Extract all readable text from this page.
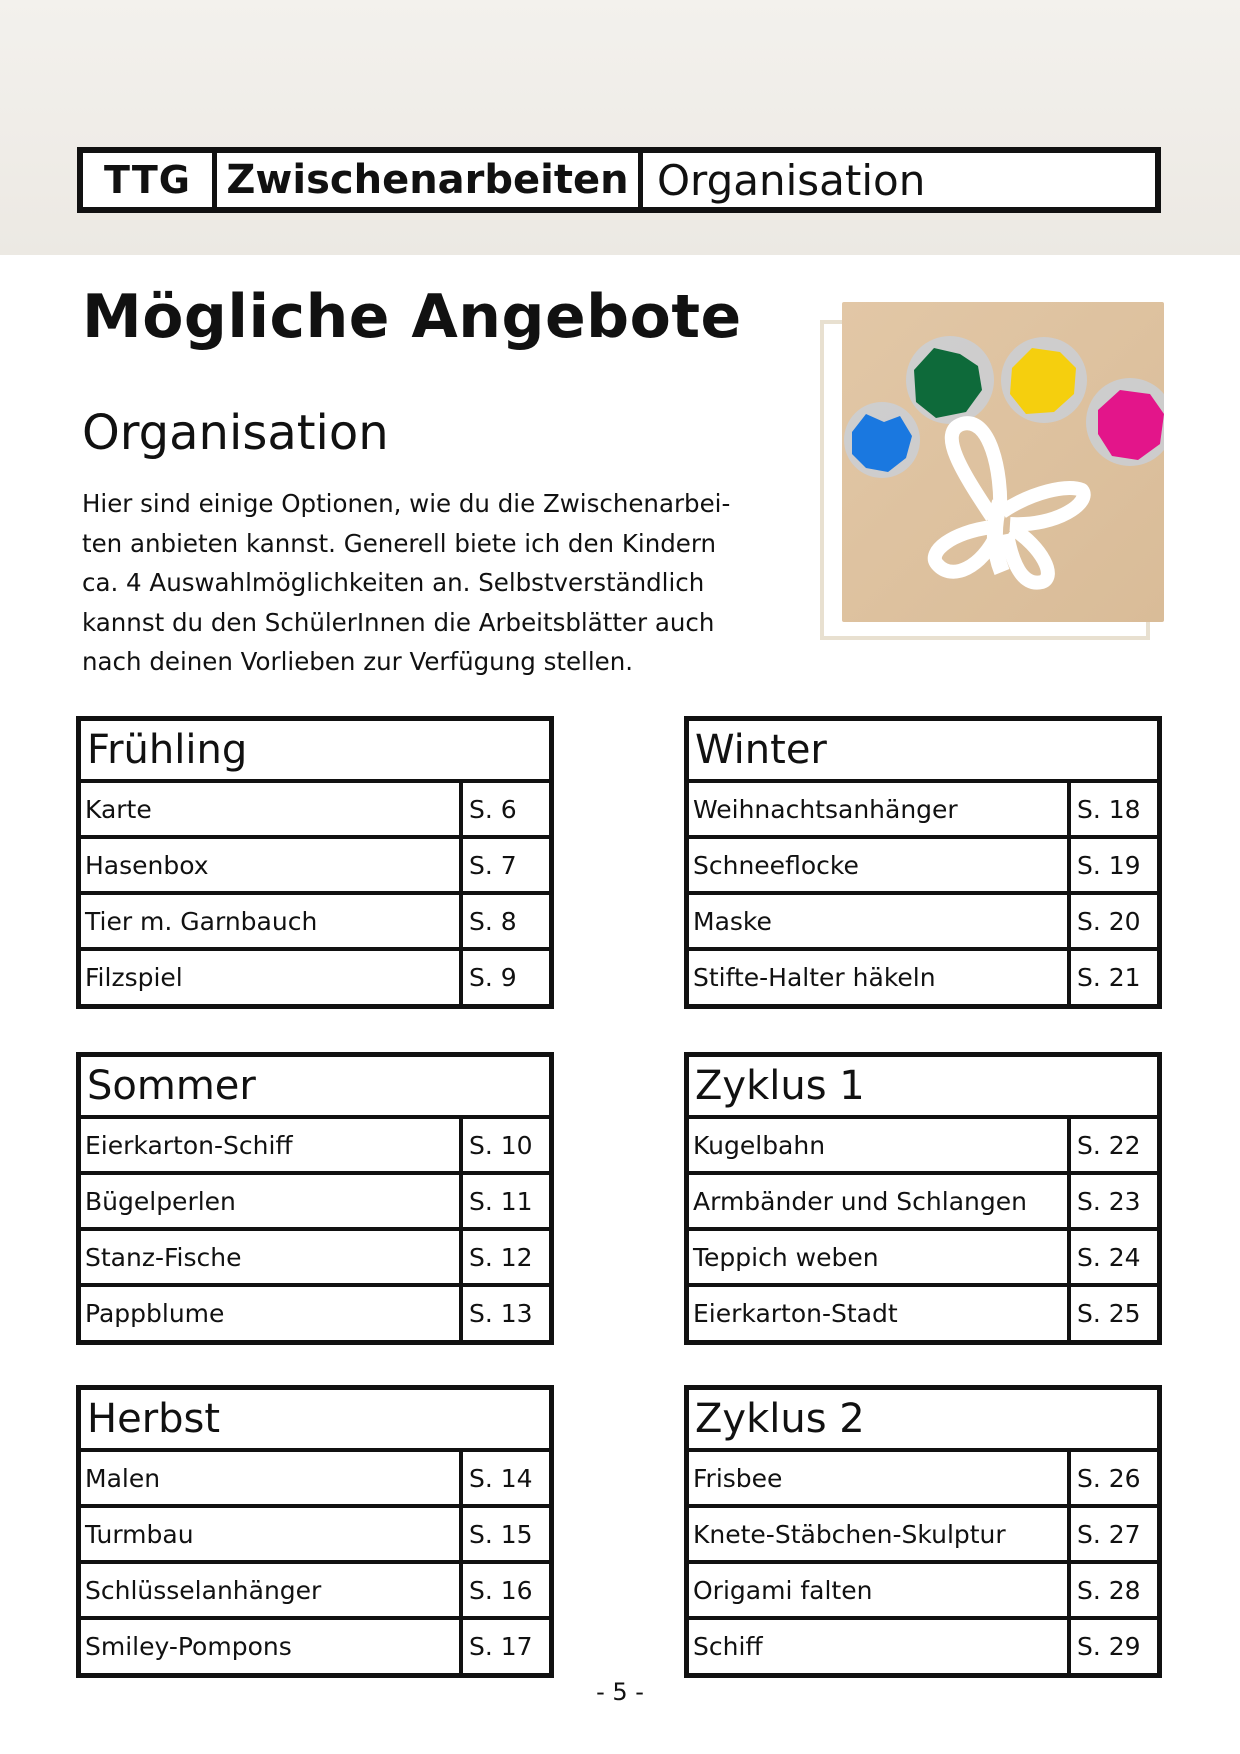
TTG Zwischenarbeiten Organisation
Mögliche Angebote
Organisation

Hier sind einige Optionen, wie du die Zwischenarbei-

ten anbieten kannst. Generell biete ich den Kindern

ca. 4 Auswahlmöglichkeiten an. Selbstverständlich

kannst du den SchülerInnen die Arbeitsblätter auch

nach deinen Vorlieben zur Verfügung stellen.

Frühling
Karte	S. 6
Hasenbox	S. 7
Tier m. Garnbauch	S. 8
Filzspiel	S. 9
Winter
Weihnachtsanhänger	S. 18
Schneeflocke	S. 19
Maske	S. 20
Stifte-Halter häkeln	S. 21
Sommer
Eierkarton-Schiff	S. 10
Bügelperlen	S. 11
Stanz-Fische	S. 12
Pappblume	S. 13
Zyklus 1
Kugelbahn	S. 22
Armbänder und Schlangen	S. 23
Teppich weben	S. 24
Eierkarton-Stadt	S. 25
Herbst
Malen	S. 14
Turmbau	S. 15
Schlüsselanhänger	S. 16
Smiley-Pompons	S. 17
Zyklus 2
Frisbee	S. 26
Knete-Stäbchen-Skulptur	S. 27
Origami falten	S. 28
Schiff	S. 29
- 5 -
